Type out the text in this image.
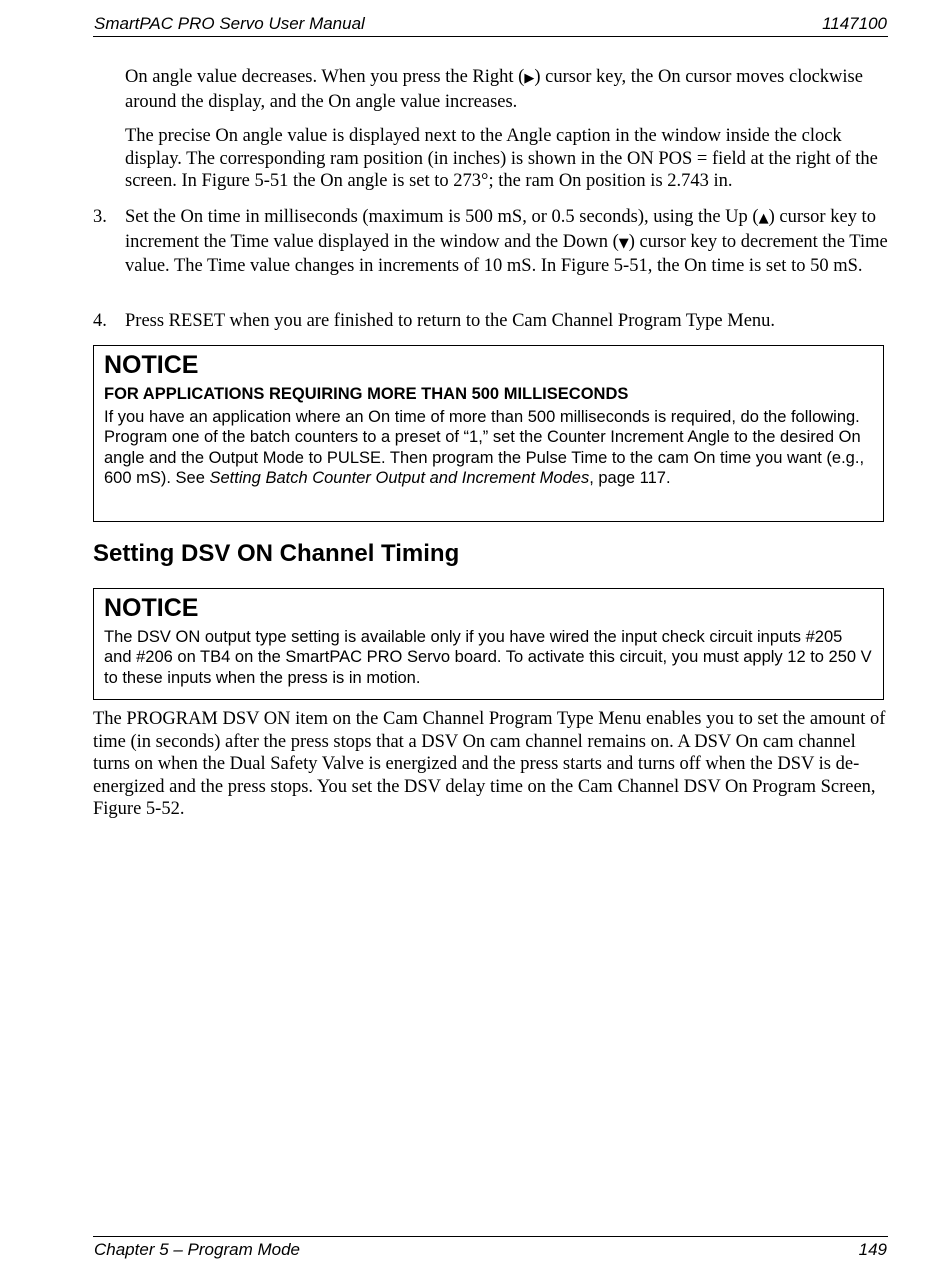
SmartPAC PRO Servo User Manual	1147100

On angle value decreases. When you press the Right (▶) cursor key, the On cursor moves clockwise around the display, and the On angle value increases.

The precise On angle value is displayed next to the Angle caption in the window inside the clock display. The corresponding ram position (in inches) is shown in the ON POS = field at the right of the screen. In Figure 5-51 the On angle is set to 273°; the ram On position is 2.743 in.

3. Set the On time in milliseconds (maximum is 500 mS, or 0.5 seconds), using the Up (▲) cursor key to increment the Time value displayed in the window and the Down (▼) cursor key to decrement the Time value. The Time value changes in increments of 10 mS. In Figure 5-51, the On time is set to 50 mS.

4. Press RESET when you are finished to return to the Cam Channel Program Type Menu.

NOTICE

FOR APPLICATIONS REQUIRING MORE THAN 500 MILLISECONDS

If you have an application where an On time of more than 500 milliseconds is required, do the following. Program one of the batch counters to a preset of “1,” set the Counter Increment Angle to the desired On angle and the Output Mode to PULSE. Then program the Pulse Time to the cam On time you want (e.g., 600 mS). See Setting Batch Counter Output and Increment Modes, page 117.

Setting DSV ON Channel Timing

NOTICE

The DSV ON output type setting is available only if you have wired the input check circuit inputs #205 and #206 on TB4 on the SmartPAC PRO Servo board. To activate this circuit, you must apply 12 to 250 V to these inputs when the press is in motion.

The PROGRAM DSV ON item on the Cam Channel Program Type Menu enables you to set the amount of time (in seconds) after the press stops that a DSV On cam channel remains on. A DSV On cam channel turns on when the Dual Safety Valve is energized and the press starts and turns off when the DSV is de-energized and the press stops. You set the DSV delay time on the Cam Channel DSV On Program Screen, Figure 5-52.

Chapter 5 – Program Mode	149
